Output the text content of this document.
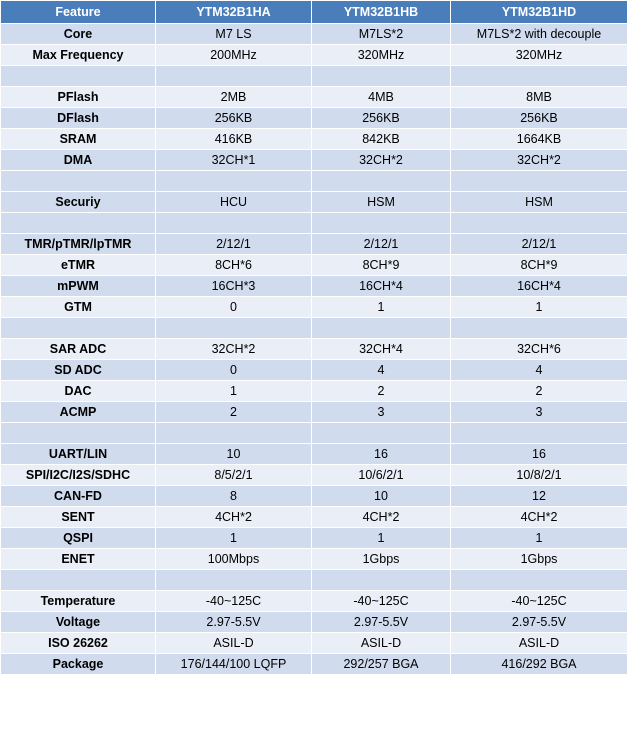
Feature	YTM32B1HA	YTM32B1HB	YTM32B1HD
Core	M7 LS	M7LS*2	M7LS*2 with decouple
Max Frequency	200MHz	320MHz	320MHz

PFlash	2MB	4MB	8MB
DFlash	256KB	256KB	256KB
SRAM	416KB	842KB	1664KB
DMA	32CH*1	32CH*2	32CH*2

Securiy	HCU	HSM	HSM

TMR/pTMR/lpTMR	2/12/1	2/12/1	2/12/1
eTMR	8CH*6	8CH*9	8CH*9
mPWM	16CH*3	16CH*4	16CH*4
GTM	0	1	1

SAR ADC	32CH*2	32CH*4	32CH*6
SD ADC	0	4	4
DAC	1	2	2
ACMP	2	3	3

UART/LIN	10	16	16
SPI/I2C/I2S/SDHC	8/5/2/1	10/6/2/1	10/8/2/1
CAN-FD	8	10	12
SENT	4CH*2	4CH*2	4CH*2
QSPI	1	1	1
ENET	100Mbps	1Gbps	1Gbps

Temperature	-40~125C	-40~125C	-40~125C
Voltage	2.97-5.5V	2.97-5.5V	2.97-5.5V
ISO 26262	ASIL-D	ASIL-D	ASIL-D
Package	176/144/100 LQFP	292/257 BGA	416/292 BGA
